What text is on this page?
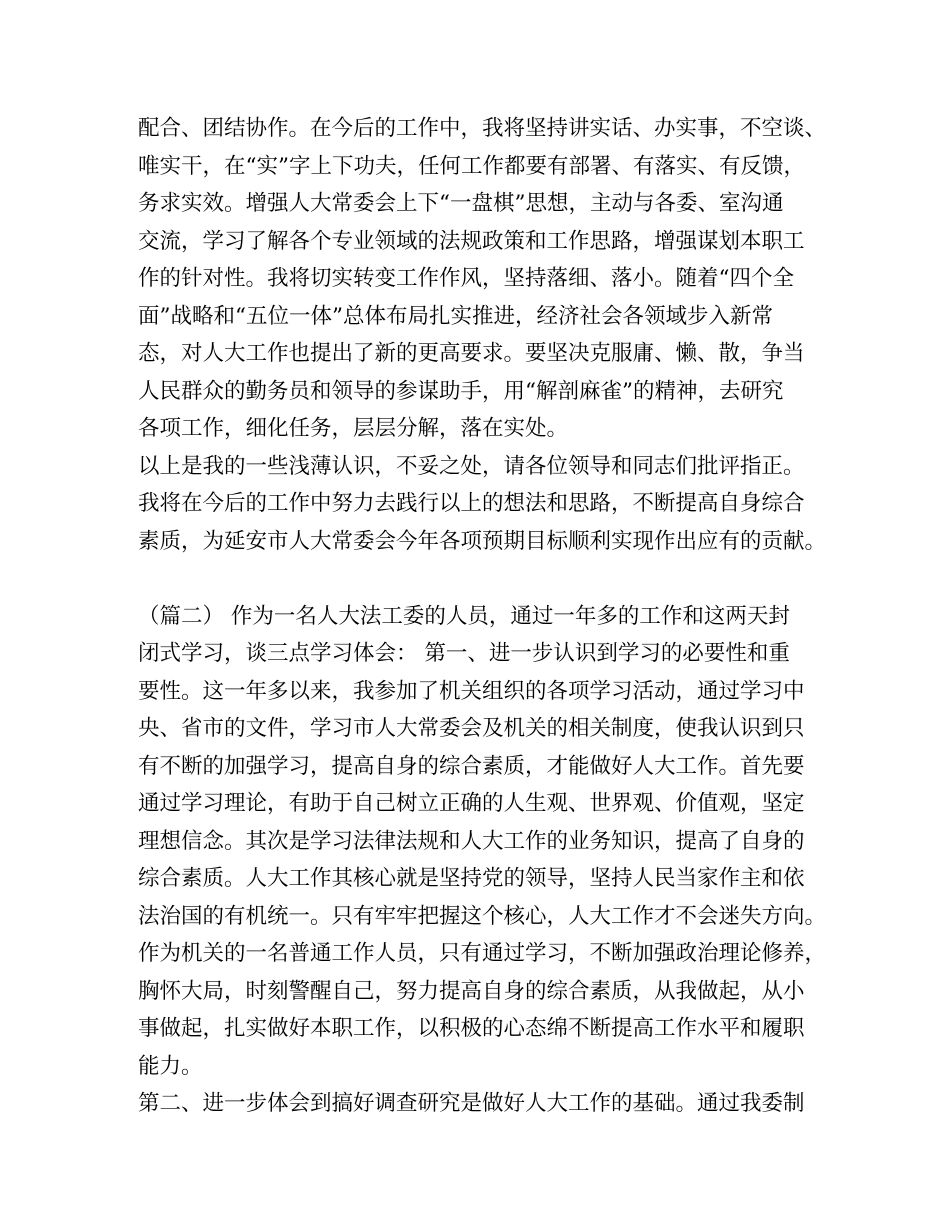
配合、团结协作。在今后的工作中，我将坚持讲实话、办实事，不空谈、
唯实干，在“实”字上下功夫，任何工作都要有部署、有落实、有反馈，
务求实效。增强人大常委会上下“一盘棋”思想，主动与各委、室沟通
交流，学习了解各个专业领域的法规政策和工作思路，增强谋划本职工
作的针对性。我将切实转变工作作风，坚持落细、落小。随着“四个全
面”战略和“五位一体”总体布局扎实推进，经济社会各领域步入新常
态，对人大工作也提出了新的更高要求。要坚决克服庸、懒、散，争当
人民群众的勤务员和领导的参谋助手，用“解剖麻雀”的精神，去研究
各项工作，细化任务，层层分解，落在实处。
以上是我的一些浅薄认识，不妥之处，请各位领导和同志们批评指正。
我将在今后的工作中努力去践行以上的想法和思路，不断提高自身综合
素质，为延安市人大常委会今年各项预期目标顺利实现作出应有的贡献。
（篇二） 作为一名人大法工委的人员，通过一年多的工作和这两天封
闭式学习，谈三点学习体会： 第一、进一步认识到学习的必要性和重
要性。这一年多以来，我参加了机关组织的各项学习活动，通过学习中
央、省市的文件，学习市人大常委会及机关的相关制度，使我认识到只
有不断的加强学习，提高自身的综合素质，才能做好人大工作。首先要
通过学习理论，有助于自己树立正确的人生观、世界观、价值观，坚定
理想信念。其次是学习法律法规和人大工作的业务知识，提高了自身的
综合素质。人大工作其核心就是坚持党的领导，坚持人民当家作主和依
法治国的有机统一。只有牢牢把握这个核心，人大工作才不会迷失方向。
作为机关的一名普通工作人员，只有通过学习，不断加强政治理论修养，
胸怀大局，时刻警醒自己，努力提高自身的综合素质，从我做起，从小
事做起，扎实做好本职工作，以积极的心态绵不断提高工作水平和履职
能力。
第二、进一步体会到搞好调查研究是做好人大工作的基础。通过我委制
